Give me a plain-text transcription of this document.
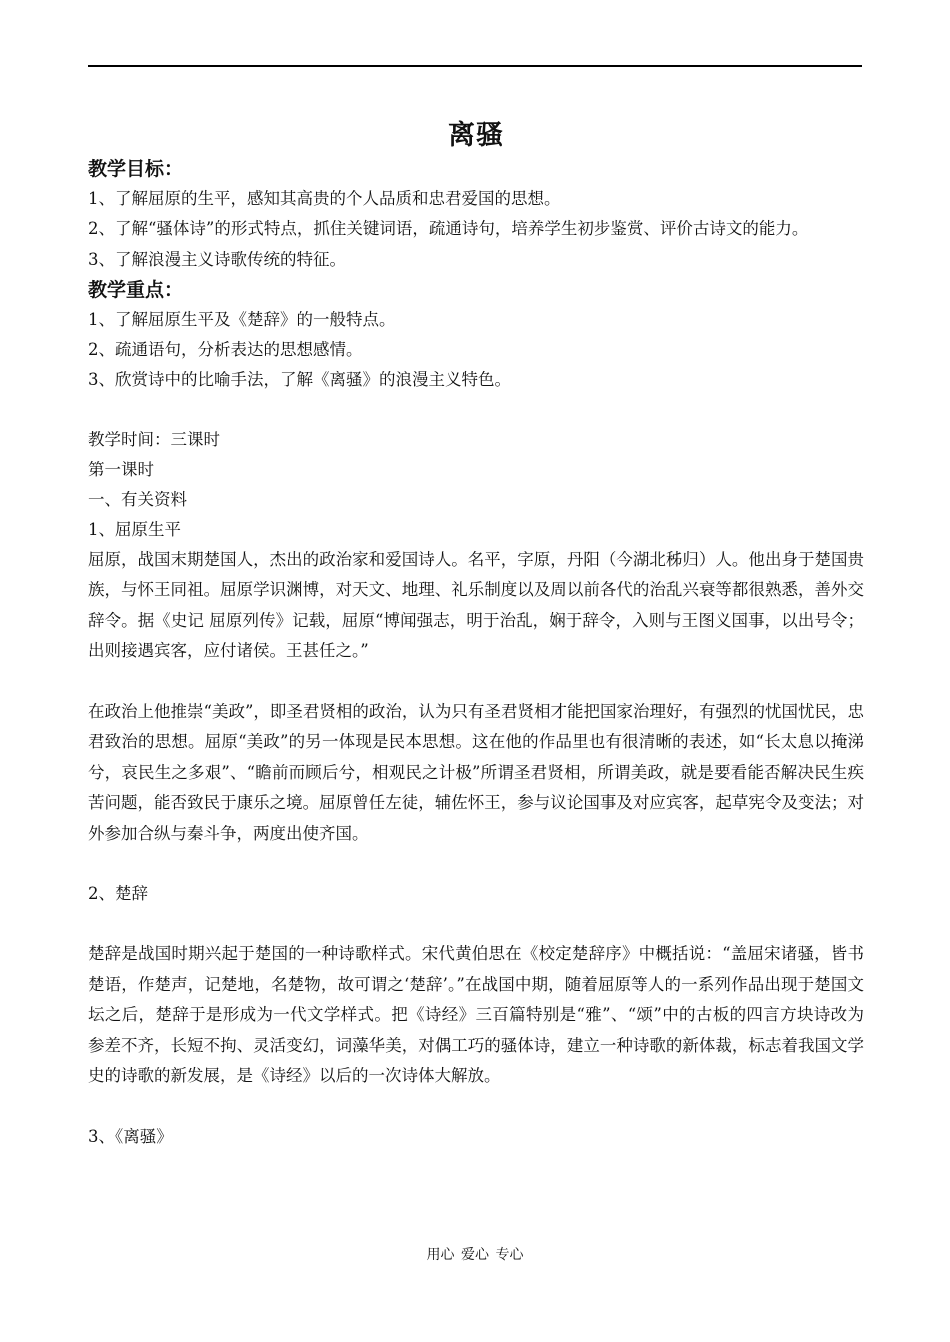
离骚

教学目标：

1、了解屈原的生平，感知其高贵的个人品质和忠君爱国的思想。

2、了解“骚体诗”的形式特点，抓住关键词语，疏通诗句，培养学生初步鉴赏、评价古诗文的能力。

3、了解浪漫主义诗歌传统的特征。

教学重点：

1、了解屈原生平及《楚辞》的一般特点。

2、疏通语句，分析表达的思想感情。

3、欣赏诗中的比喻手法，了解《离骚》的浪漫主义特色。

教学时间：三课时

第一课时

一、有关资料

1、屈原生平

屈原，战国末期楚国人，杰出的政治家和爱国诗人。名平，字原，丹阳（今湖北秭归）人。他出身于楚国贵族，与怀王同祖。屈原学识渊博，对天文、地理、礼乐制度以及周以前各代的治乱兴衰等都很熟悉，善外交辞令。据《史记 屈原列传》记载，屈原“博闻强志，明于治乱，娴于辞令，入则与王图义国事，以出号令；出则接遇宾客，应付诸侯。王甚任之。”

在政治上他推崇“美政”，即圣君贤相的政治，认为只有圣君贤相才能把国家治理好，有强烈的忧国忧民，忠君致治的思想。屈原“美政”的另一体现是民本思想。这在他的作品里也有很清晰的表述，如“长太息以掩涕兮，哀民生之多艰”、“瞻前而顾后兮，相观民之计极”所谓圣君贤相，所谓美政，就是要看能否解决民生疾苦问题，能否致民于康乐之境。屈原曾任左徒，辅佐怀王，参与议论国事及对应宾客，起草宪令及变法；对外参加合纵与秦斗争，两度出使齐国。

2、楚辞

楚辞是战国时期兴起于楚国的一种诗歌样式。宋代黄伯思在《校定楚辞序》中概括说：“盖屈宋诸骚，皆书楚语，作楚声，记楚地，名楚物，故可谓之‘楚辞’。”在战国中期，随着屈原等人的一系列作品出现于楚国文坛之后，楚辞于是形成为一代文学样式。把《诗经》三百篇特别是“雅”、“颂”中的古板的四言方块诗改为参差不齐，长短不拘、灵活变幻，词藻华美，对偶工巧的骚体诗，建立一种诗歌的新体裁，标志着我国文学史的诗歌的新发展，是《诗经》以后的一次诗体大解放。

3、《离骚》

用心 爱心 专心
